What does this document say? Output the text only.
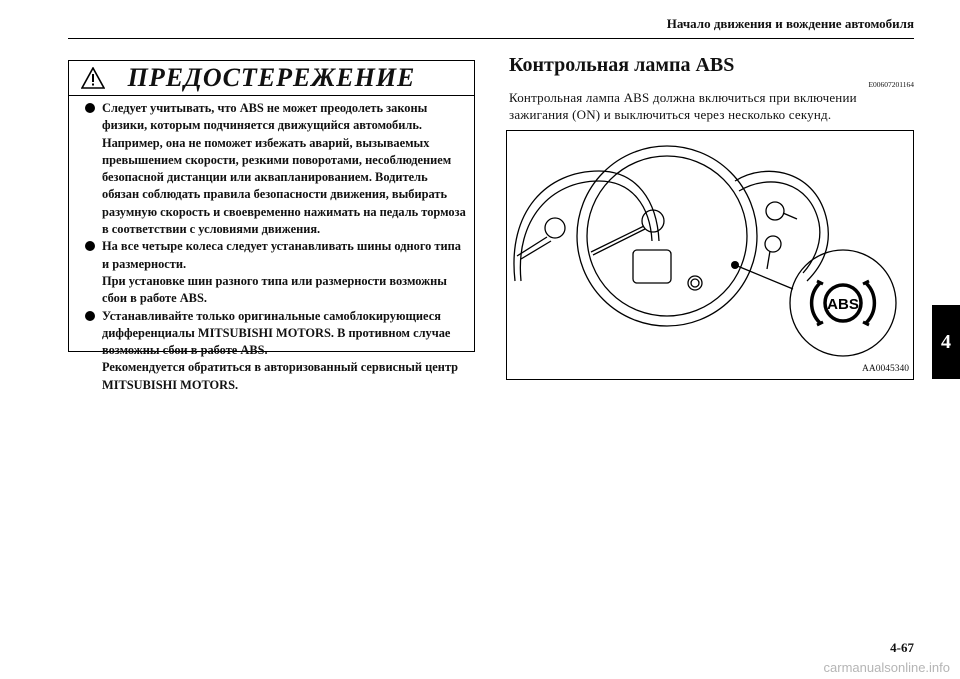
Начало движения и вождение автомобиля
ПРЕДОСТЕРЕЖЕНИЕ

Следует учитывать, что ABS не может преодолеть законы физики, которым подчиняется движущийся автомобиль.

Например, она не поможет избежать аварий, вызываемых превышением скорости, резкими поворотами, несоблюдением безопасной дистанции или аквапланированием. Водитель обязан соблюдать правила безопасности движения, выбирать разумную скорость и своевременно нажимать на педаль тормоза в соответствии с условиями движения.

На все четыре колеса следует устанавливать шины одного типа и размерности.

При установке шин разного типа или размерности возможны сбои в работе ABS.

Устанавливайте только оригинальные самоблокирующиеся дифференциалы MITSUBISHI MOTORS. В противном случае возможны сбои в работе ABS.

Рекомендуется обратиться в авторизованный сервисный центр MITSUBISHI MOTORS.

Контрольная лампа ABS
E00607201164
Контрольная лампа ABS должна включиться при включении зажигания (ON) и выключиться через несколько секунд.
ABS
AA0045340
4
4-67
carmanualsonline.info
